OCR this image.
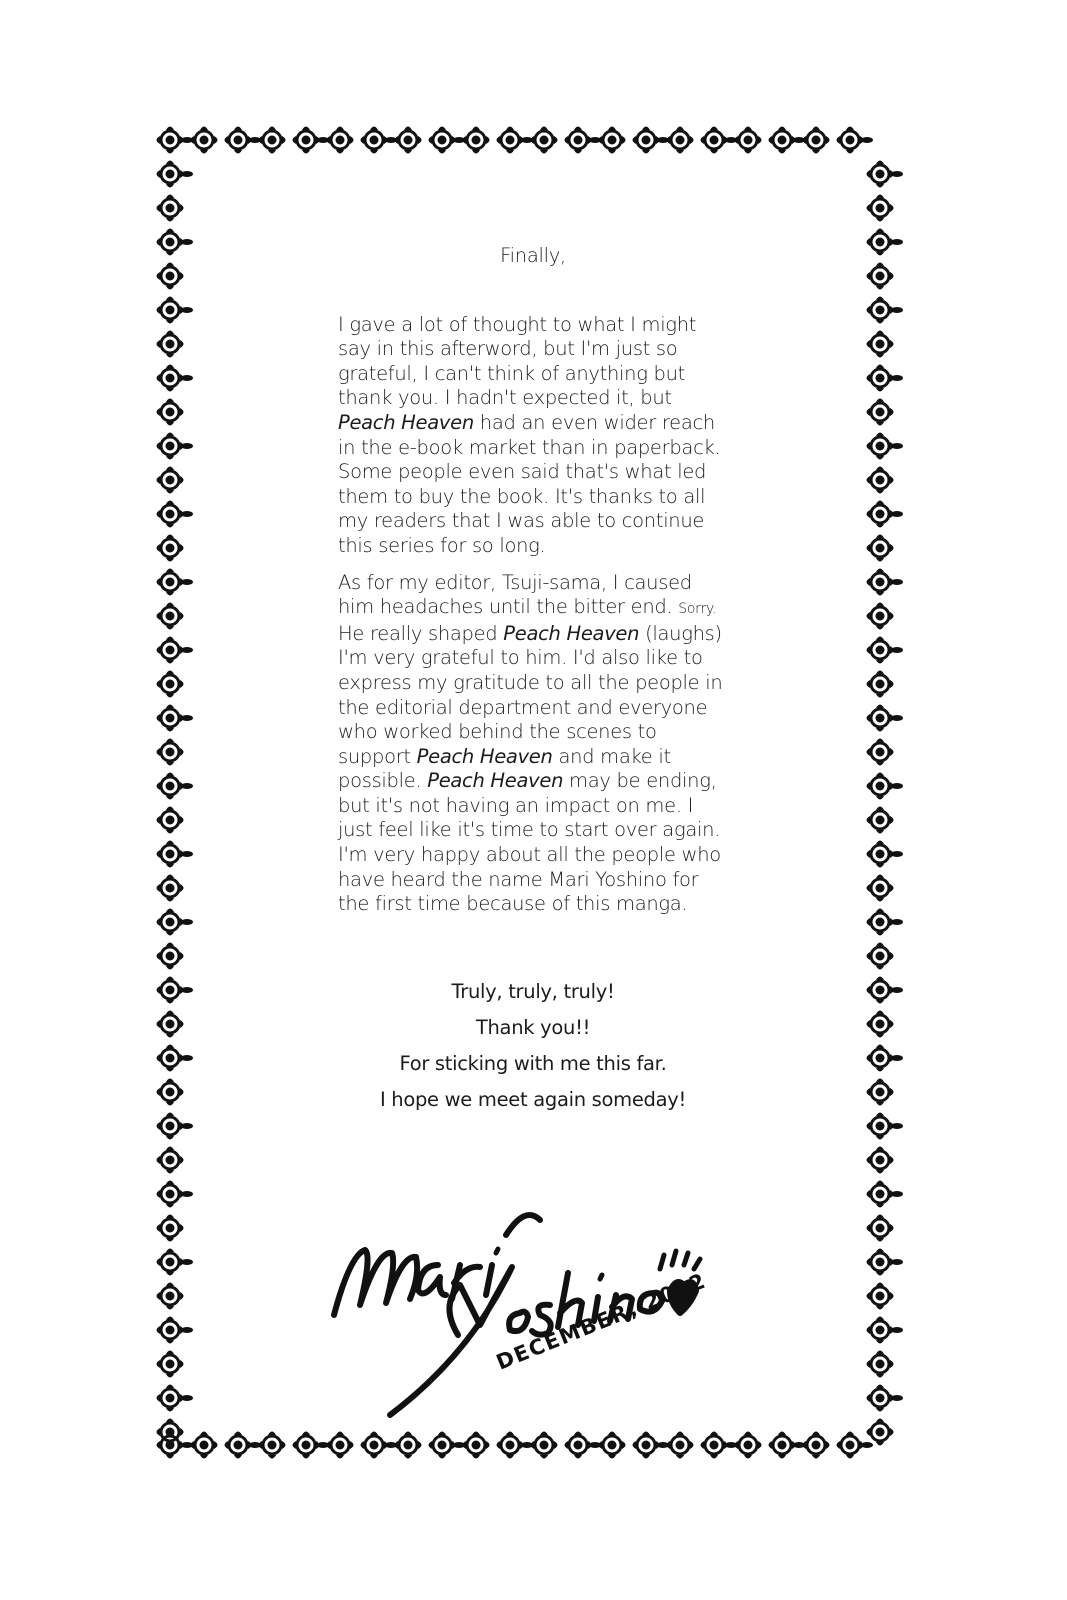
Finally,

I gave a lot of thought to what I might say in this afterword, but I'm just so grateful, I can't think of anything but thank you. I hadn't expected it, but Peach Heaven had an even wider reach in the e-book market than in paperback. Some people even said that's what led them to buy the book. It's thanks to all my readers that I was able to continue this series for so long.

As for my editor, Tsuji-sama, I caused him headaches until the bitter end. Sorry. He really shaped Peach Heaven (laughs) I'm very grateful to him. I'd also like to express my gratitude to all the people in the editorial department and everyone who worked behind the scenes to support Peach Heaven and make it possible. Peach Heaven may be ending, but it's not having an impact on me. I just feel like it's time to start over again. I'm very happy about all the people who have heard the name Mari Yoshino for the first time because of this manga.

Truly, truly, truly!
Thank you!!
For sticking with me this far.
I hope we meet again someday!
DECEMBER, 2012
